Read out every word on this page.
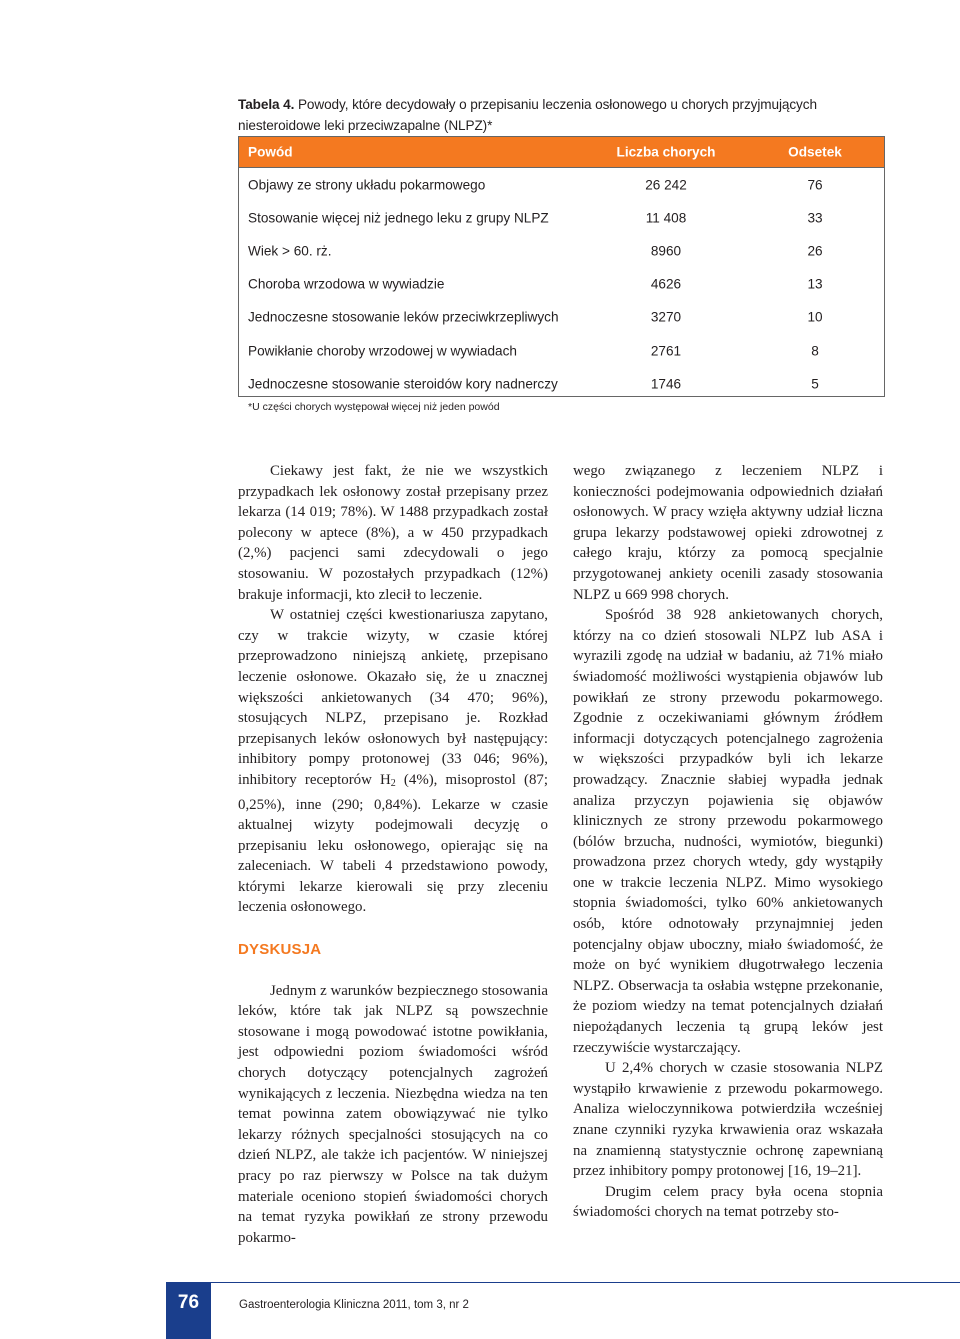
Tabela 4. Powody, które decydowały o przepisaniu leczenia osłonowego u chorych przyjmujących niesteroidowe leki przeciwzapalne (NLPZ)*
Powód	Liczba chorych	Odsetek
Objawy ze strony układu pokarmowego	26 242	76
Stosowanie więcej niż jednego leku z grupy NLPZ	11 408	33
Wiek > 60. rż.	8960	26
Choroba wrzodowa w wywiadzie	4626	13
Jednoczesne stosowanie leków przeciwkrzepliwych	3270	10
Powikłanie choroby wrzodowej w wywiadach	2761	8
Jednoczesne stosowanie steroidów kory nadnerczy	1746	5
*U części chorych występował więcej niż jeden powód

Ciekawy jest fakt, że nie we wszystkich przypadkach lek osłonowy został przepisany przez lekarza (14 019; 78%). W 1488 przypadkach został polecony w aptece (8%), a w 450 przypadkach (2,%) pacjenci sami zdecydowali o jego stosowaniu. W pozostałych przypadkach (12%) brakuje informacji, kto zlecił to leczenie.

W ostatniej części kwestionariusza zapytano, czy w trakcie wizyty, w czasie której przeprowadzono niniejszą ankietę, przepisano leczenie osłonowe. Okazało się, że u znacznej większości ankietowanych (34 470; 96%), stosujących NLPZ, przepisano je. Rozkład przepisanych leków osłonowych był następujący: inhibitory pompy protonowej (33 046; 96%), inhibitory receptorów $H_2$ (4%), misoprostol (87; 0,25%), inne (290; 0,84%). Lekarze w czasie aktualnej wizyty podejmowali decyzję o przepisaniu leku osłonowego, opierając się na zaleceniach. W tabeli 4 przedstawiono powody, którymi lekarze kierowali się przy zleceniu leczenia osłonowego.

DYSKUSJA

Jednym z warunków bezpiecznego stosowania leków, które tak jak NLPZ są powszechnie stosowane i mogą powodować istotne powikłania, jest odpowiedni poziom świadomości wśród chorych dotyczący potencjalnych zagrożeń wynikających z leczenia. Niezbędna wiedza na ten temat powinna zatem obowiązywać nie tylko lekarzy różnych specjalności stosujących na co dzień NLPZ, ale także ich pacjentów. W niniejszej pracy po raz pierwszy w Polsce na tak dużym materiale oceniono stopień świadomości chorych na temat ryzyka powikłań ze strony przewodu pokarmo-

wego związanego z leczeniem NLPZ i konieczności podejmowania odpowiednich działań osłonowych. W pracy wzięła aktywny udział liczna grupa lekarzy podstawowej opieki zdrowotnej z całego kraju, którzy za pomocą specjalnie przygotowanej ankiety ocenili zasady stosowania NLPZ u 669 998 chorych.

Spośród 38 928 ankietowanych chorych, którzy na co dzień stosowali NLPZ lub ASA i wyrazili zgodę na udział w badaniu, aż 71% miało świadomość możliwości wystąpienia objawów lub powikłań ze strony przewodu pokarmowego. Zgodnie z oczekiwaniami głównym źródłem informacji dotyczących potencjalnego zagrożenia w większości przypadków byli ich lekarze prowadzący. Znacznie słabiej wypadła jednak analiza przyczyn pojawienia się objawów klinicznych ze strony przewodu pokarmowego (bólów brzucha, nudności, wymiotów, biegunki) prowadzona przez chorych wtedy, gdy wystąpiły one w trakcie leczenia NLPZ. Mimo wysokiego stopnia świadomości, tylko 60% ankietowanych osób, które odnotowały przynajmniej jeden potencjalny objaw uboczny, miało świadomość, że może on być wynikiem długotrwałego leczenia NLPZ. Obserwacja ta osłabia wstępne przekonanie, że poziom wiedzy na temat potencjalnych działań niepożądanych leczenia tą grupą leków jest rzeczywiście wystarczający.

U 2,4% chorych w czasie stosowania NLPZ wystąpiło krwawienie z przewodu pokarmowego. Analiza wieloczynnikowa potwierdziła wcześniej znane czynniki ryzyka krwawienia oraz wskazała na znamienną statystycznie ochronę zapewnianą przez inhibitory pompy protonowej [16, 19–21].

Drugim celem pracy była ocena stopnia świadomości chorych na temat potrzeby sto-

76	Gastroenterologia Kliniczna 2011, tom 3, nr 2
